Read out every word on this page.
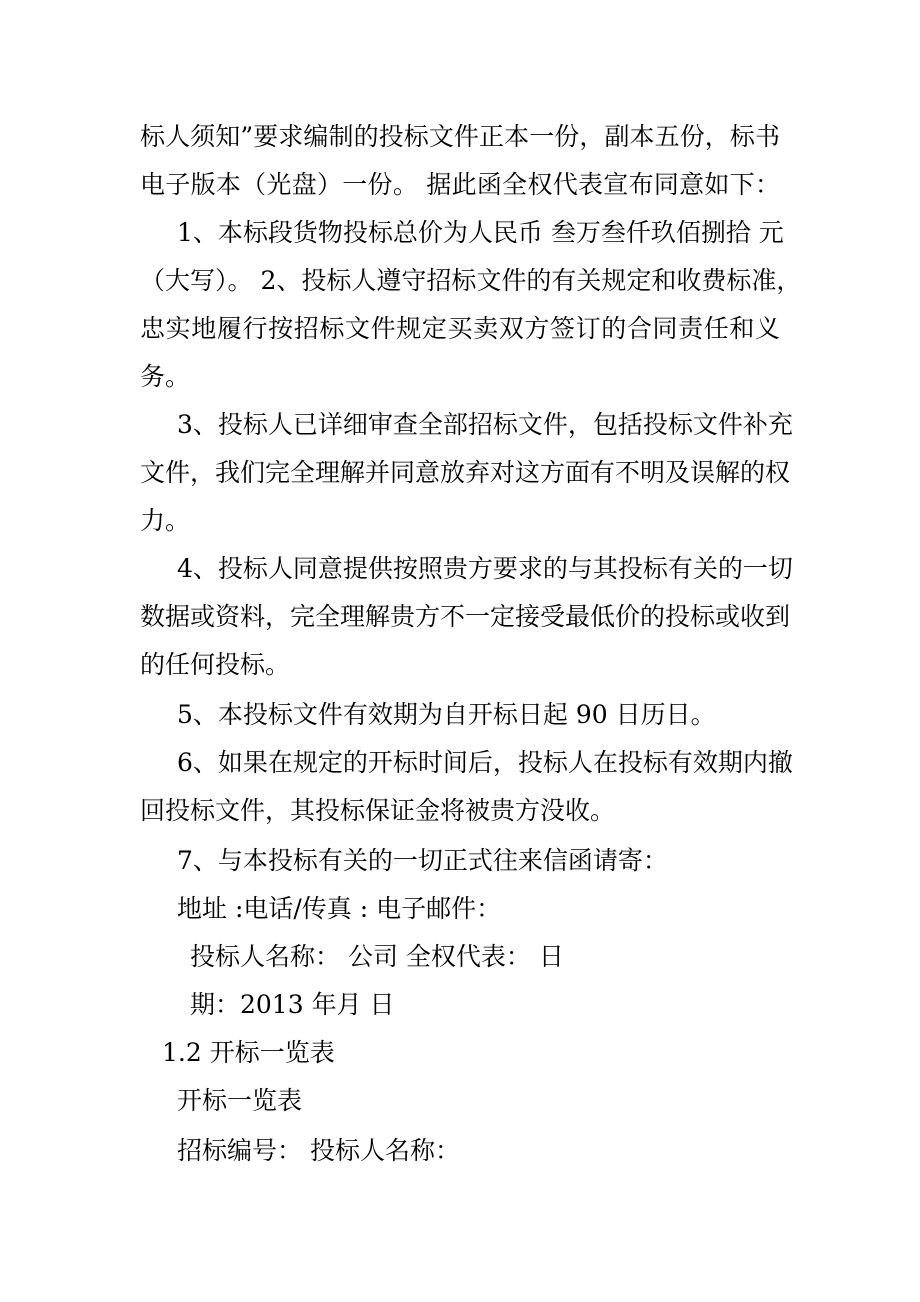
标人须知”要求编制的投标文件正本一份，副本五份，标书
电子版本（光盘）一份。 据此函全权代表宣布同意如下：
1、本标段货物投标总价为人民币 叁万叁仟玖佰捌拾 元
（大写）。 2、投标人遵守招标文件的有关规定和收费标准，
忠实地履行按招标文件规定买卖双方签订的合同责任和义
务。
3、投标人已详细审查全部招标文件，包括投标文件补充
文件，我们完全理解并同意放弃对这方面有不明及误解的权
力。
4、投标人同意提供按照贵方要求的与其投标有关的一切
数据或资料，完全理解贵方不一定接受最低价的投标或收到
的任何投标。
5、本投标文件有效期为自开标日起 90 日历日。
6、如果在规定的开标时间后，投标人在投标有效期内撤
回投标文件，其投标保证金将被贵方没收。
7、与本投标有关的一切正式往来信函请寄：
地址 :电话/传真 : 电子邮件：
投标人名称： 公司 全权代表： 日
期：2013 年月 日
1.2 开标一览表
开标一览表
招标编号： 投标人名称：
